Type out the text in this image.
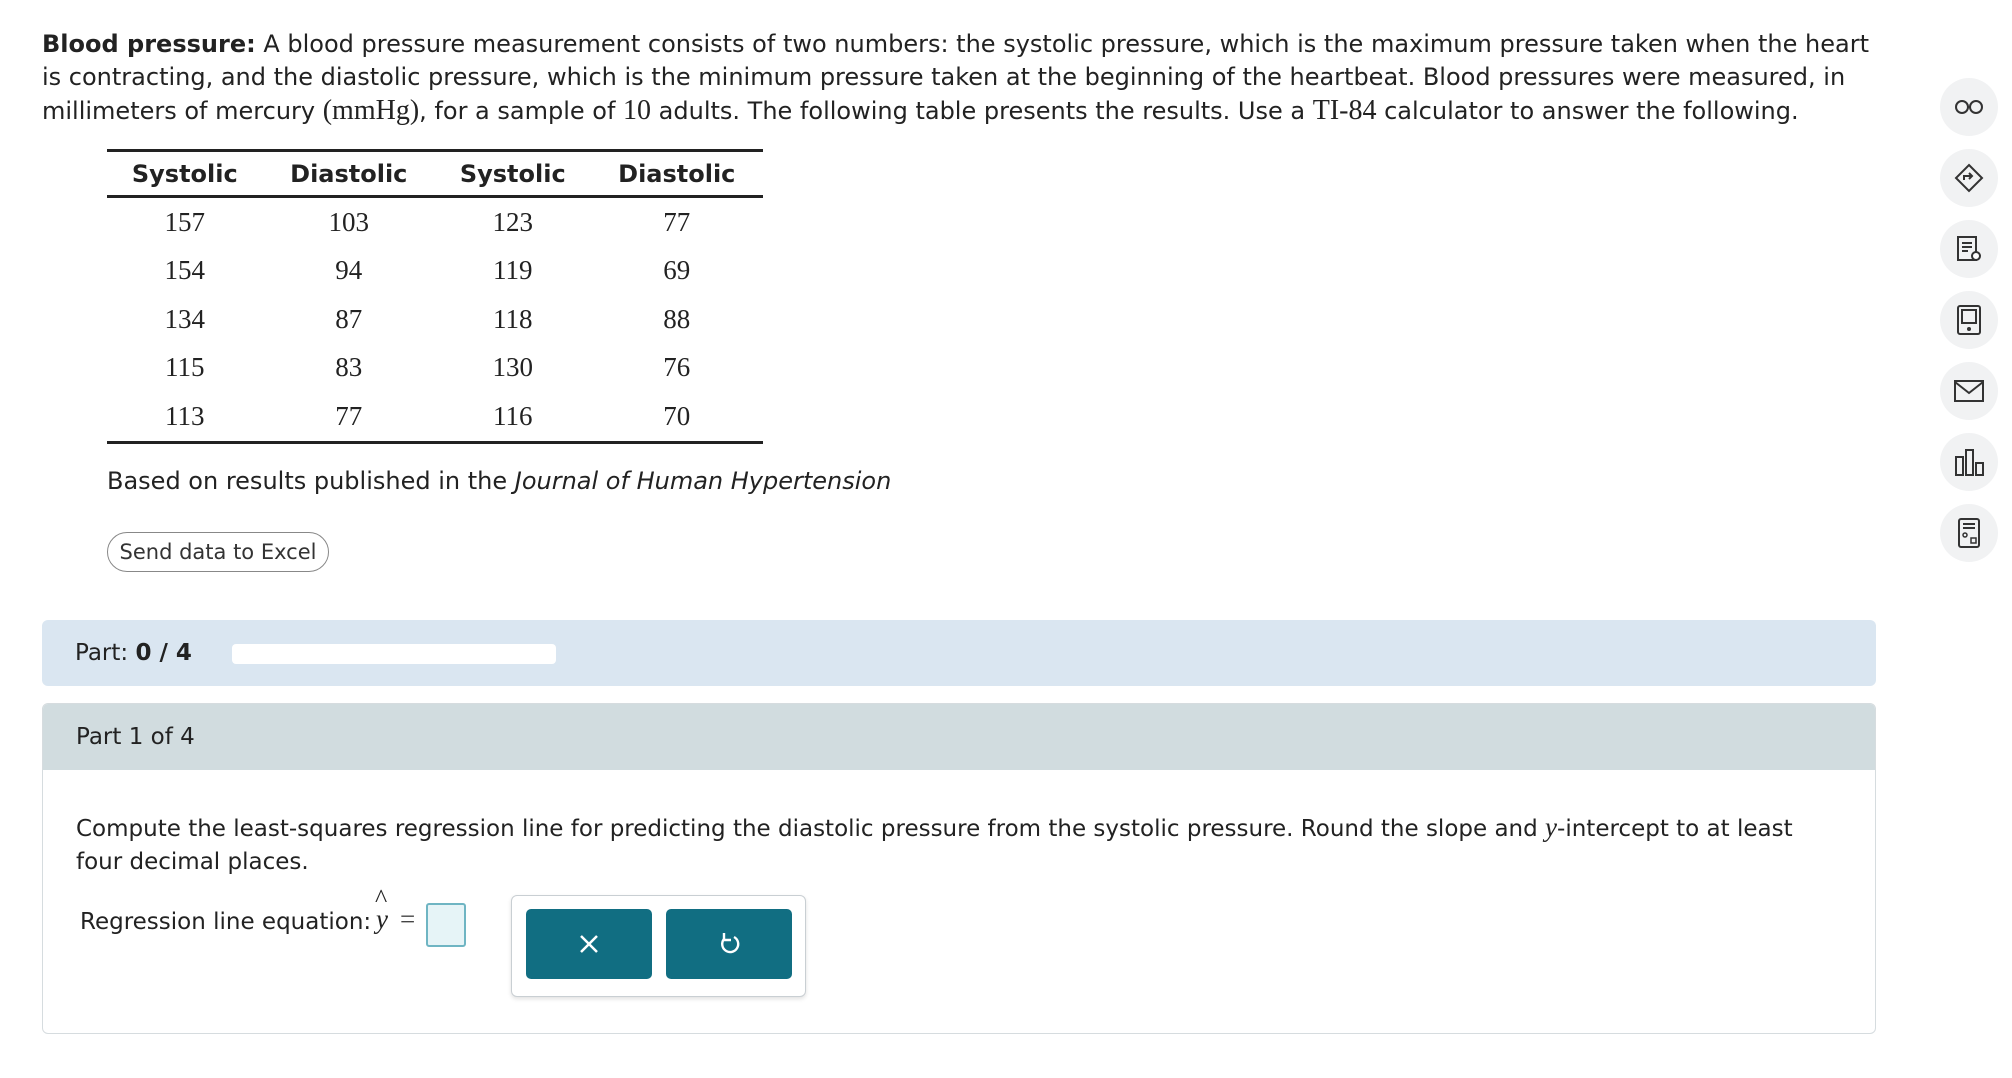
Blood pressure: A blood pressure measurement consists of two numbers: the systolic pressure, which is the maximum pressure taken when the heart is contracting, and the diastolic pressure, which is the minimum pressure taken at the beginning of the heartbeat. Blood pressures were measured, in millimeters of mercury (mmHg), for a sample of 10 adults. The following table presents the results. Use a TI-84 calculator to answer the following.
Systolic	Diastolic	Systolic	Diastolic
157	103	123	77
154	94	119	69
134	87	118	88
115	83	130	76
113	77	116	70
Based on results published in the Journal of Human Hypertension
Send data to Excel
Part: 0 / 4
Part 1 of 4
Compute the least-squares regression line for predicting the diastolic pressure from the systolic pressure. Round the slope and y-intercept to at least four decimal places.
Regression line equation:
^
y =
